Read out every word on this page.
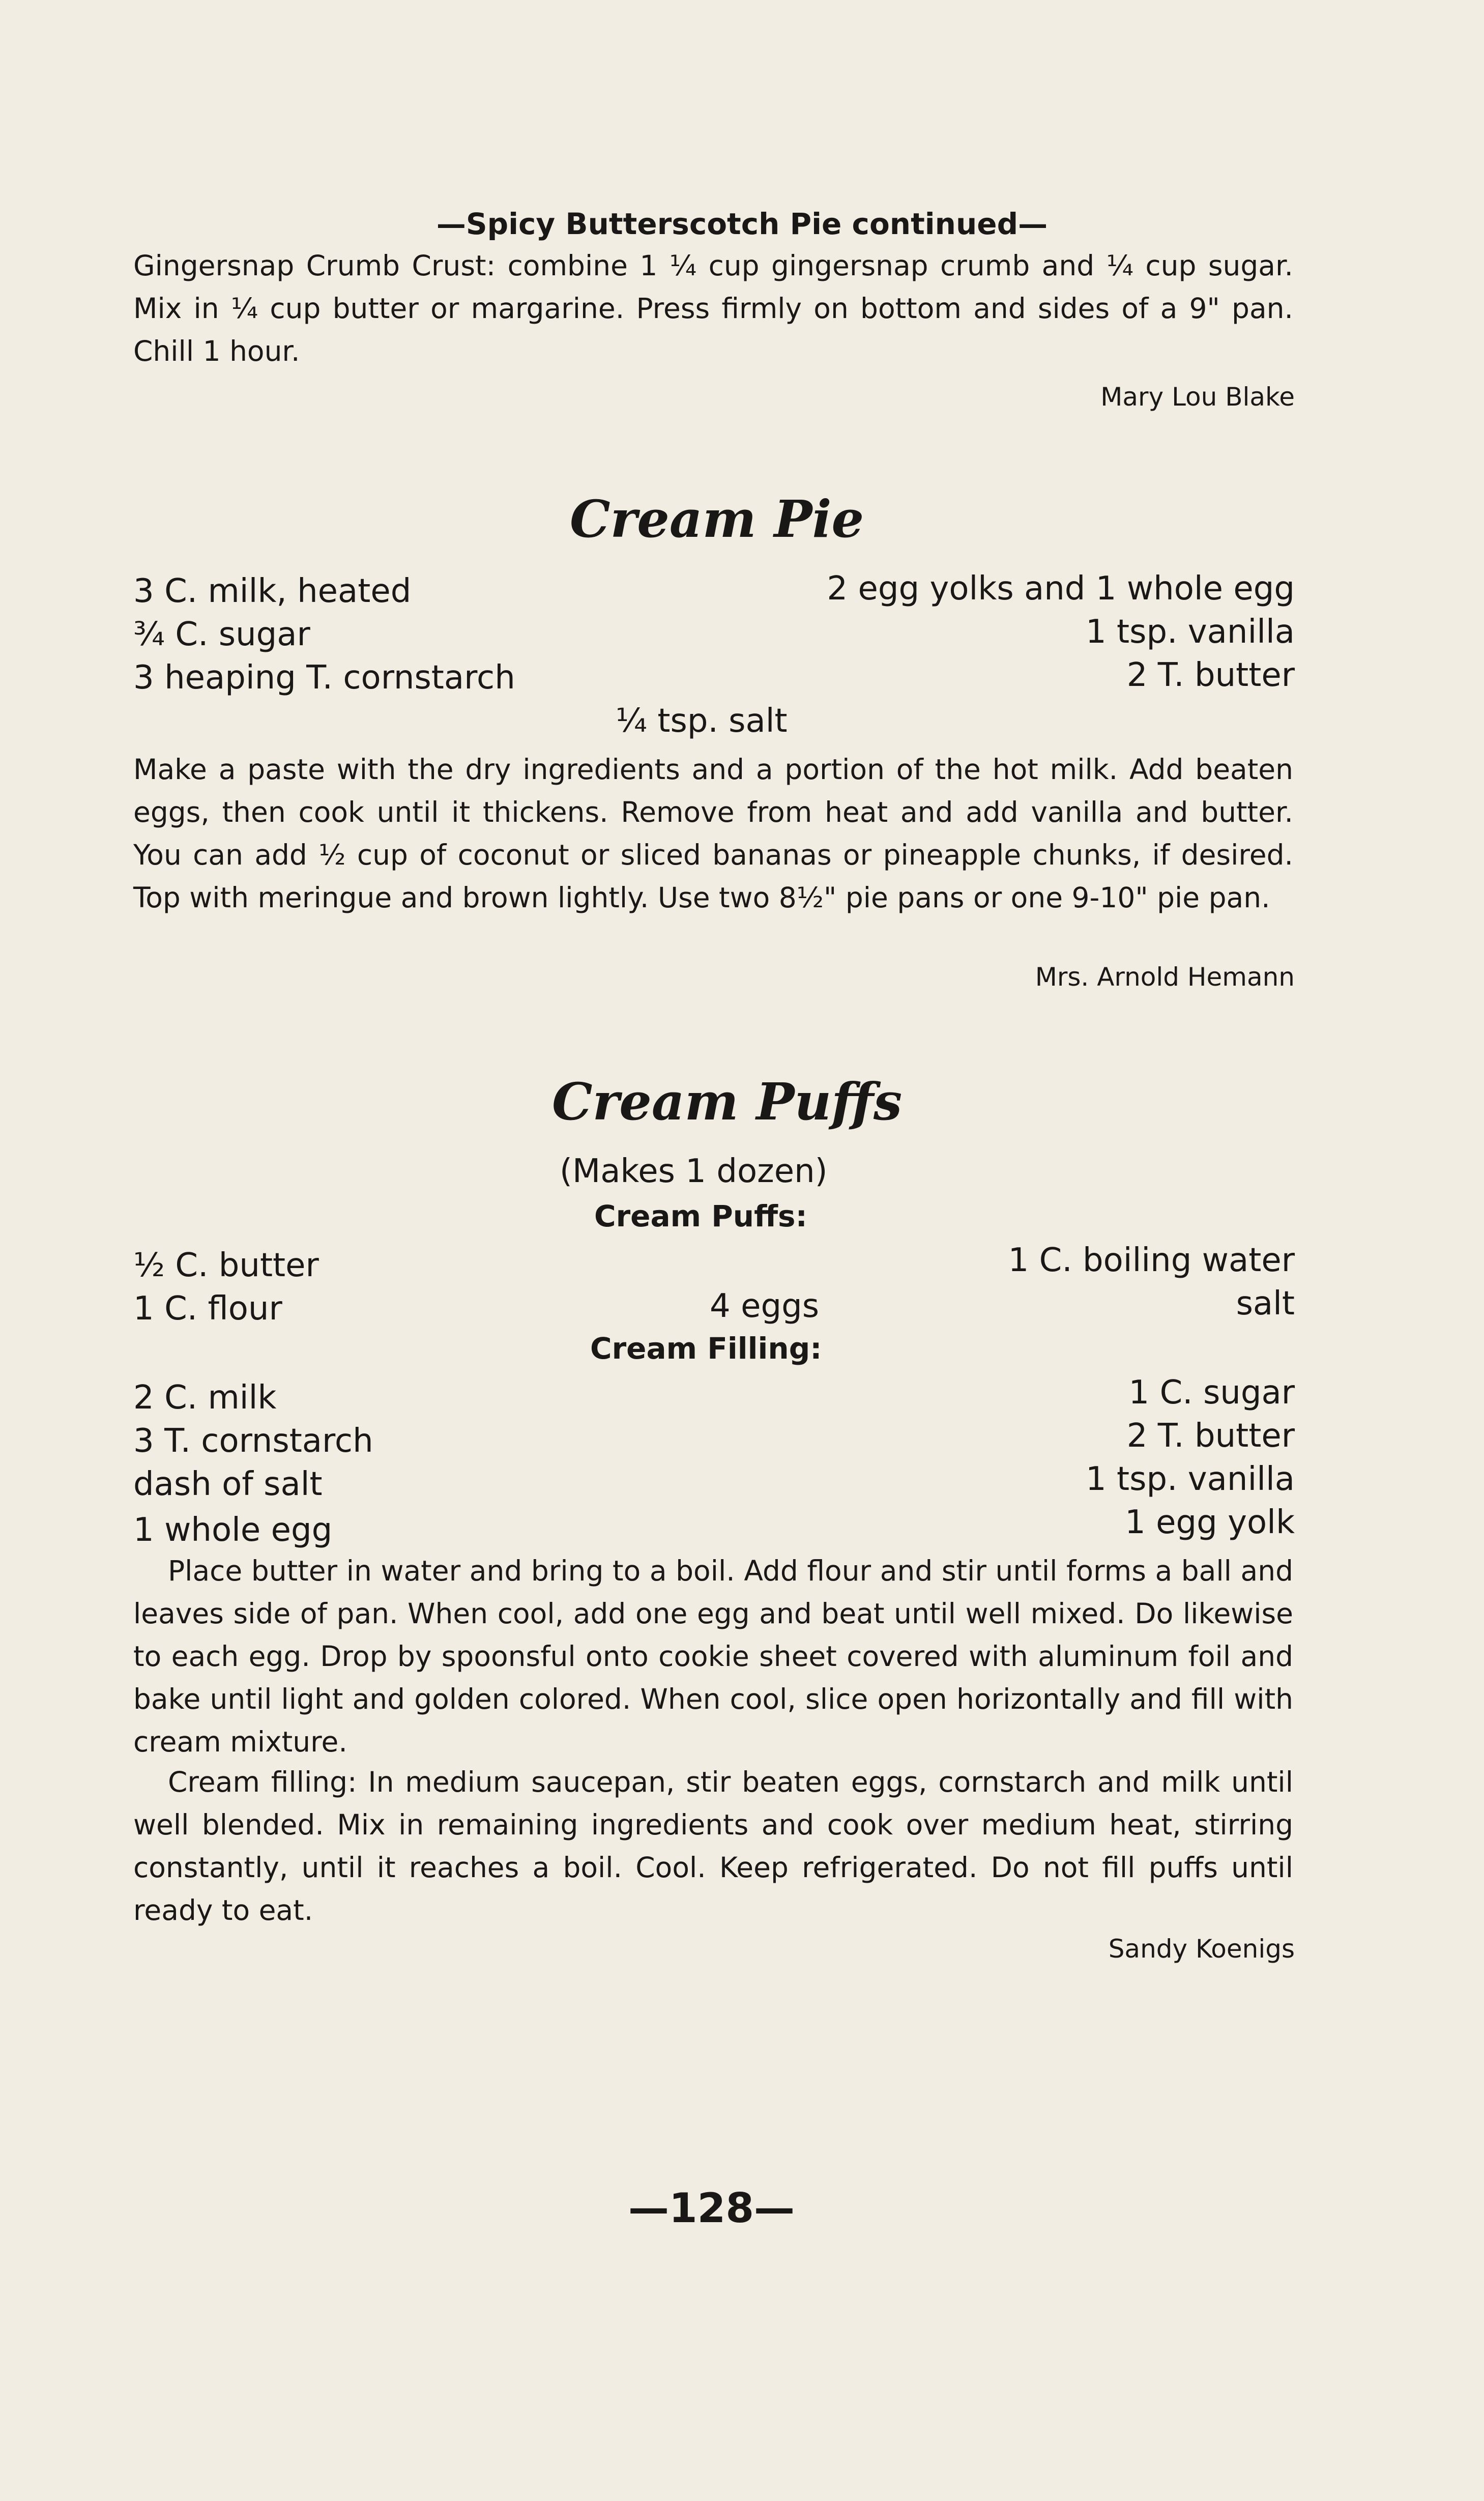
—Spicy Butterscotch Pie continued—
Gingersnap Crumb Crust: combine 1 ¼ cup gingersnap crumb and ¼ cup sugar. Mix in ¼ cup butter or margarine. Press firmly on bottom and sides of a 9" pan. Chill 1 hour.
Mary Lou Blake
Cream Pie
3 C. milk, heated
¾ C. sugar
3 heaping T. cornstarch
2 egg yolks and 1 whole egg
1 tsp. vanilla
2 T. butter
¼ tsp. salt
Make a paste with the dry ingredients and a portion of the hot milk. Add beaten eggs, then cook until it thickens. Remove from heat and add vanilla and butter. You can add ½ cup of coconut or sliced bananas or pineapple chunks, if desired. Top with meringue and brown lightly. Use two 8½" pie pans or one 9-10" pie pan.
Mrs. Arnold Hemann
Cream Puffs
(Makes 1 dozen)
Cream Puffs:
½ C. butter
1 C. flour
1 C. boiling water
salt
4 eggs
Cream Filling:
2 C. milk
3 T. cornstarch
dash of salt
1 whole egg
1 C. sugar
2 T. butter
1 tsp. vanilla
1 egg yolk
Place butter in water and bring to a boil. Add flour and stir until forms a ball and leaves side of pan. When cool, add one egg and beat until well mixed. Do likewise to each egg. Drop by spoonsful onto cookie sheet covered with aluminum foil and bake until light and golden colored. When cool, slice open horizontally and fill with cream mixture.
Cream filling: In medium saucepan, stir beaten eggs, cornstarch and milk until well blended. Mix in remaining ingredients and cook over medium heat, stirring constantly, until it reaches a boil. Cool. Keep refrigerated. Do not fill puffs until ready to eat.
Sandy Koenigs
—128—
